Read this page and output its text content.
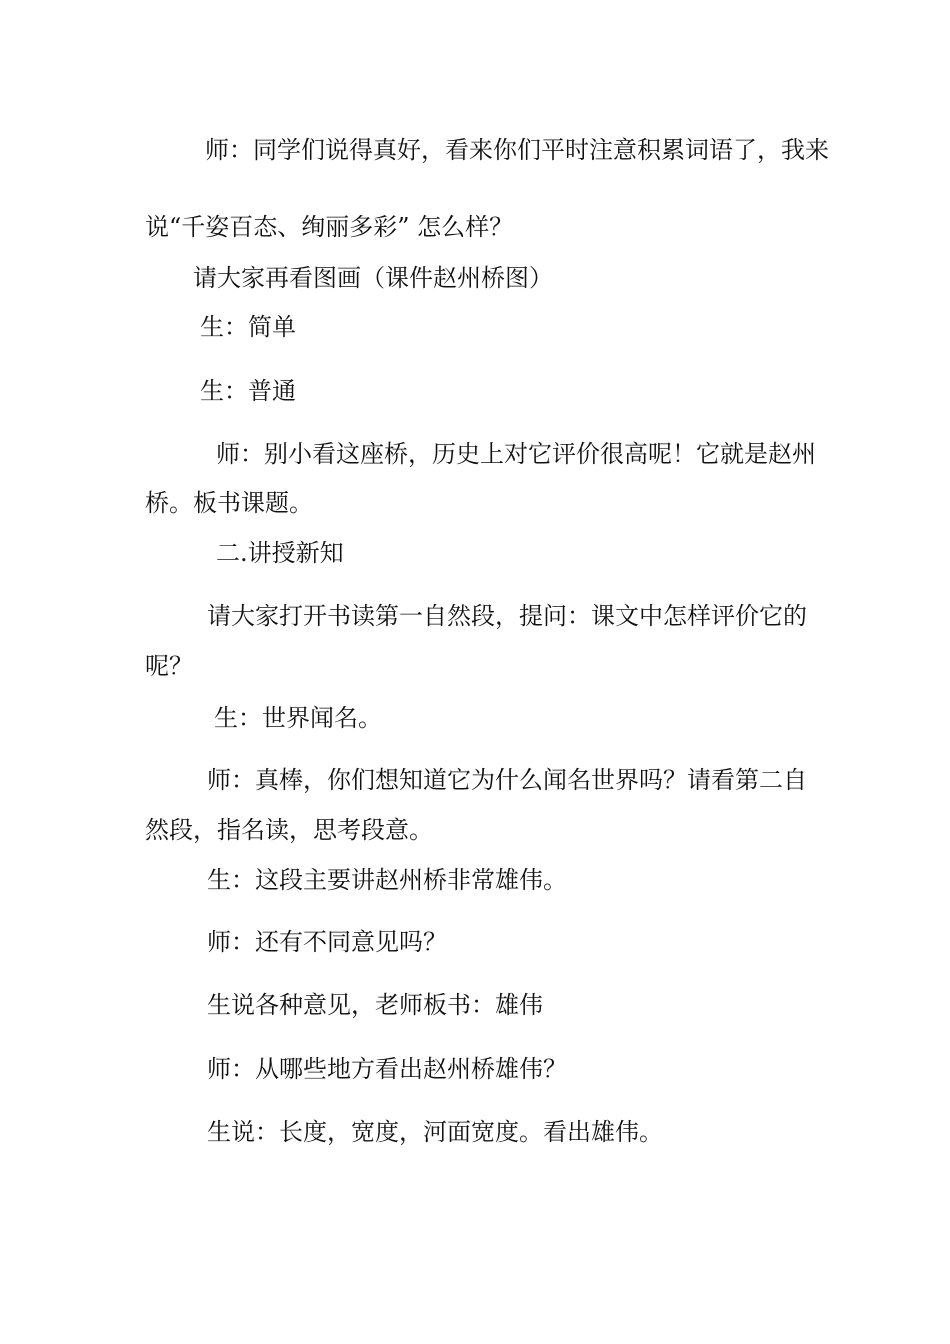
师：同学们说得真好，看来你们平时注意积累词语了，我来
说“千姿百态、绚丽多彩” 怎么样？
请大家再看图画（课件赵州桥图）
生：简单
生：普通
师：别小看这座桥，历史上对它评价很高呢！它就是赵州
桥。板书课题。
二.讲授新知
请大家打开书读第一自然段，提问：课文中怎样评价它的
呢？
生：世界闻名。
师：真棒，你们想知道它为什么闻名世界吗？请看第二自
然段，指名读，思考段意。
生：这段主要讲赵州桥非常雄伟。
师：还有不同意见吗？
生说各种意见，老师板书：雄伟
师：从哪些地方看出赵州桥雄伟？
生说：长度，宽度，河面宽度。看出雄伟。
